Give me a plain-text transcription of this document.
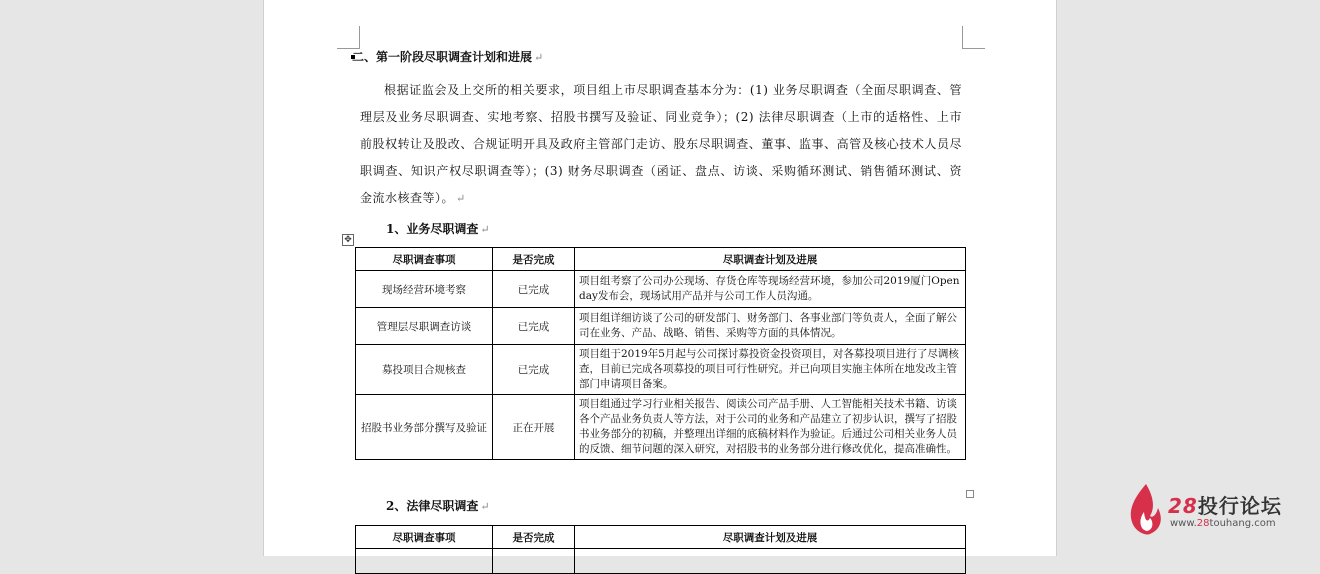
二、第一阶段尽职调查计划和进展 ↵
根据证监会及上交所的相关要求，项目组上市尽职调查基本分为：(1) 业务尽职调查（全面尽职调查、管理层及业务尽职调查、实地考察、招股书撰写及验证、同业竞争）；(2) 法律尽职调查（上市的适格性、上市前股权转让及股改、合规证明开具及政府主管部门走访、股东尽职调查、董事、监事、高管及核心技术人员尽职调查、知识产权尽职调查等）；(3) 财务尽职调查（函证、盘点、访谈、采购循环测试、销售循环测试、资金流水核查等）。 ↵
1、业务尽职调查 ↵
✥
尽职调查事项	是否完成	尽职调查计划及进展
现场经营环境考察	已完成	项目组考察了公司办公现场、存货仓库等现场经营环境，参加公司2019厦门Open day发布会，现场试用产品并与公司工作人员沟通。
管理层尽职调查访谈	已完成	项目组详细访谈了公司的研发部门、财务部门、各事业部门等负责人，全面了解公司在业务、产品、战略、销售、采购等方面的具体情况。
募投项目合规核查	已完成	项目组于2019年5月起与公司探讨募投资金投资项目，对各募投项目进行了尽调核查，目前已完成各项募投的项目可行性研究。并已向项目实施主体所在地发改主管部门申请项目备案。
招股书业务部分撰写及验证	正在开展	项目组通过学习行业相关报告、阅读公司产品手册、人工智能相关技术书籍、访谈各个产品业务负责人等方法，对于公司的业务和产品建立了初步认识，撰写了招股书业务部分的初稿，并整理出详细的底稿材料作为验证。后通过公司相关业务人员的反馈、细节问题的深入研究，对招股书的业务部分进行修改优化，提高准确性。
2、法律尽职调查 ↵
尽职调查事项	是否完成	尽职调查计划及进展

28投行论坛
www.28touhang.com
